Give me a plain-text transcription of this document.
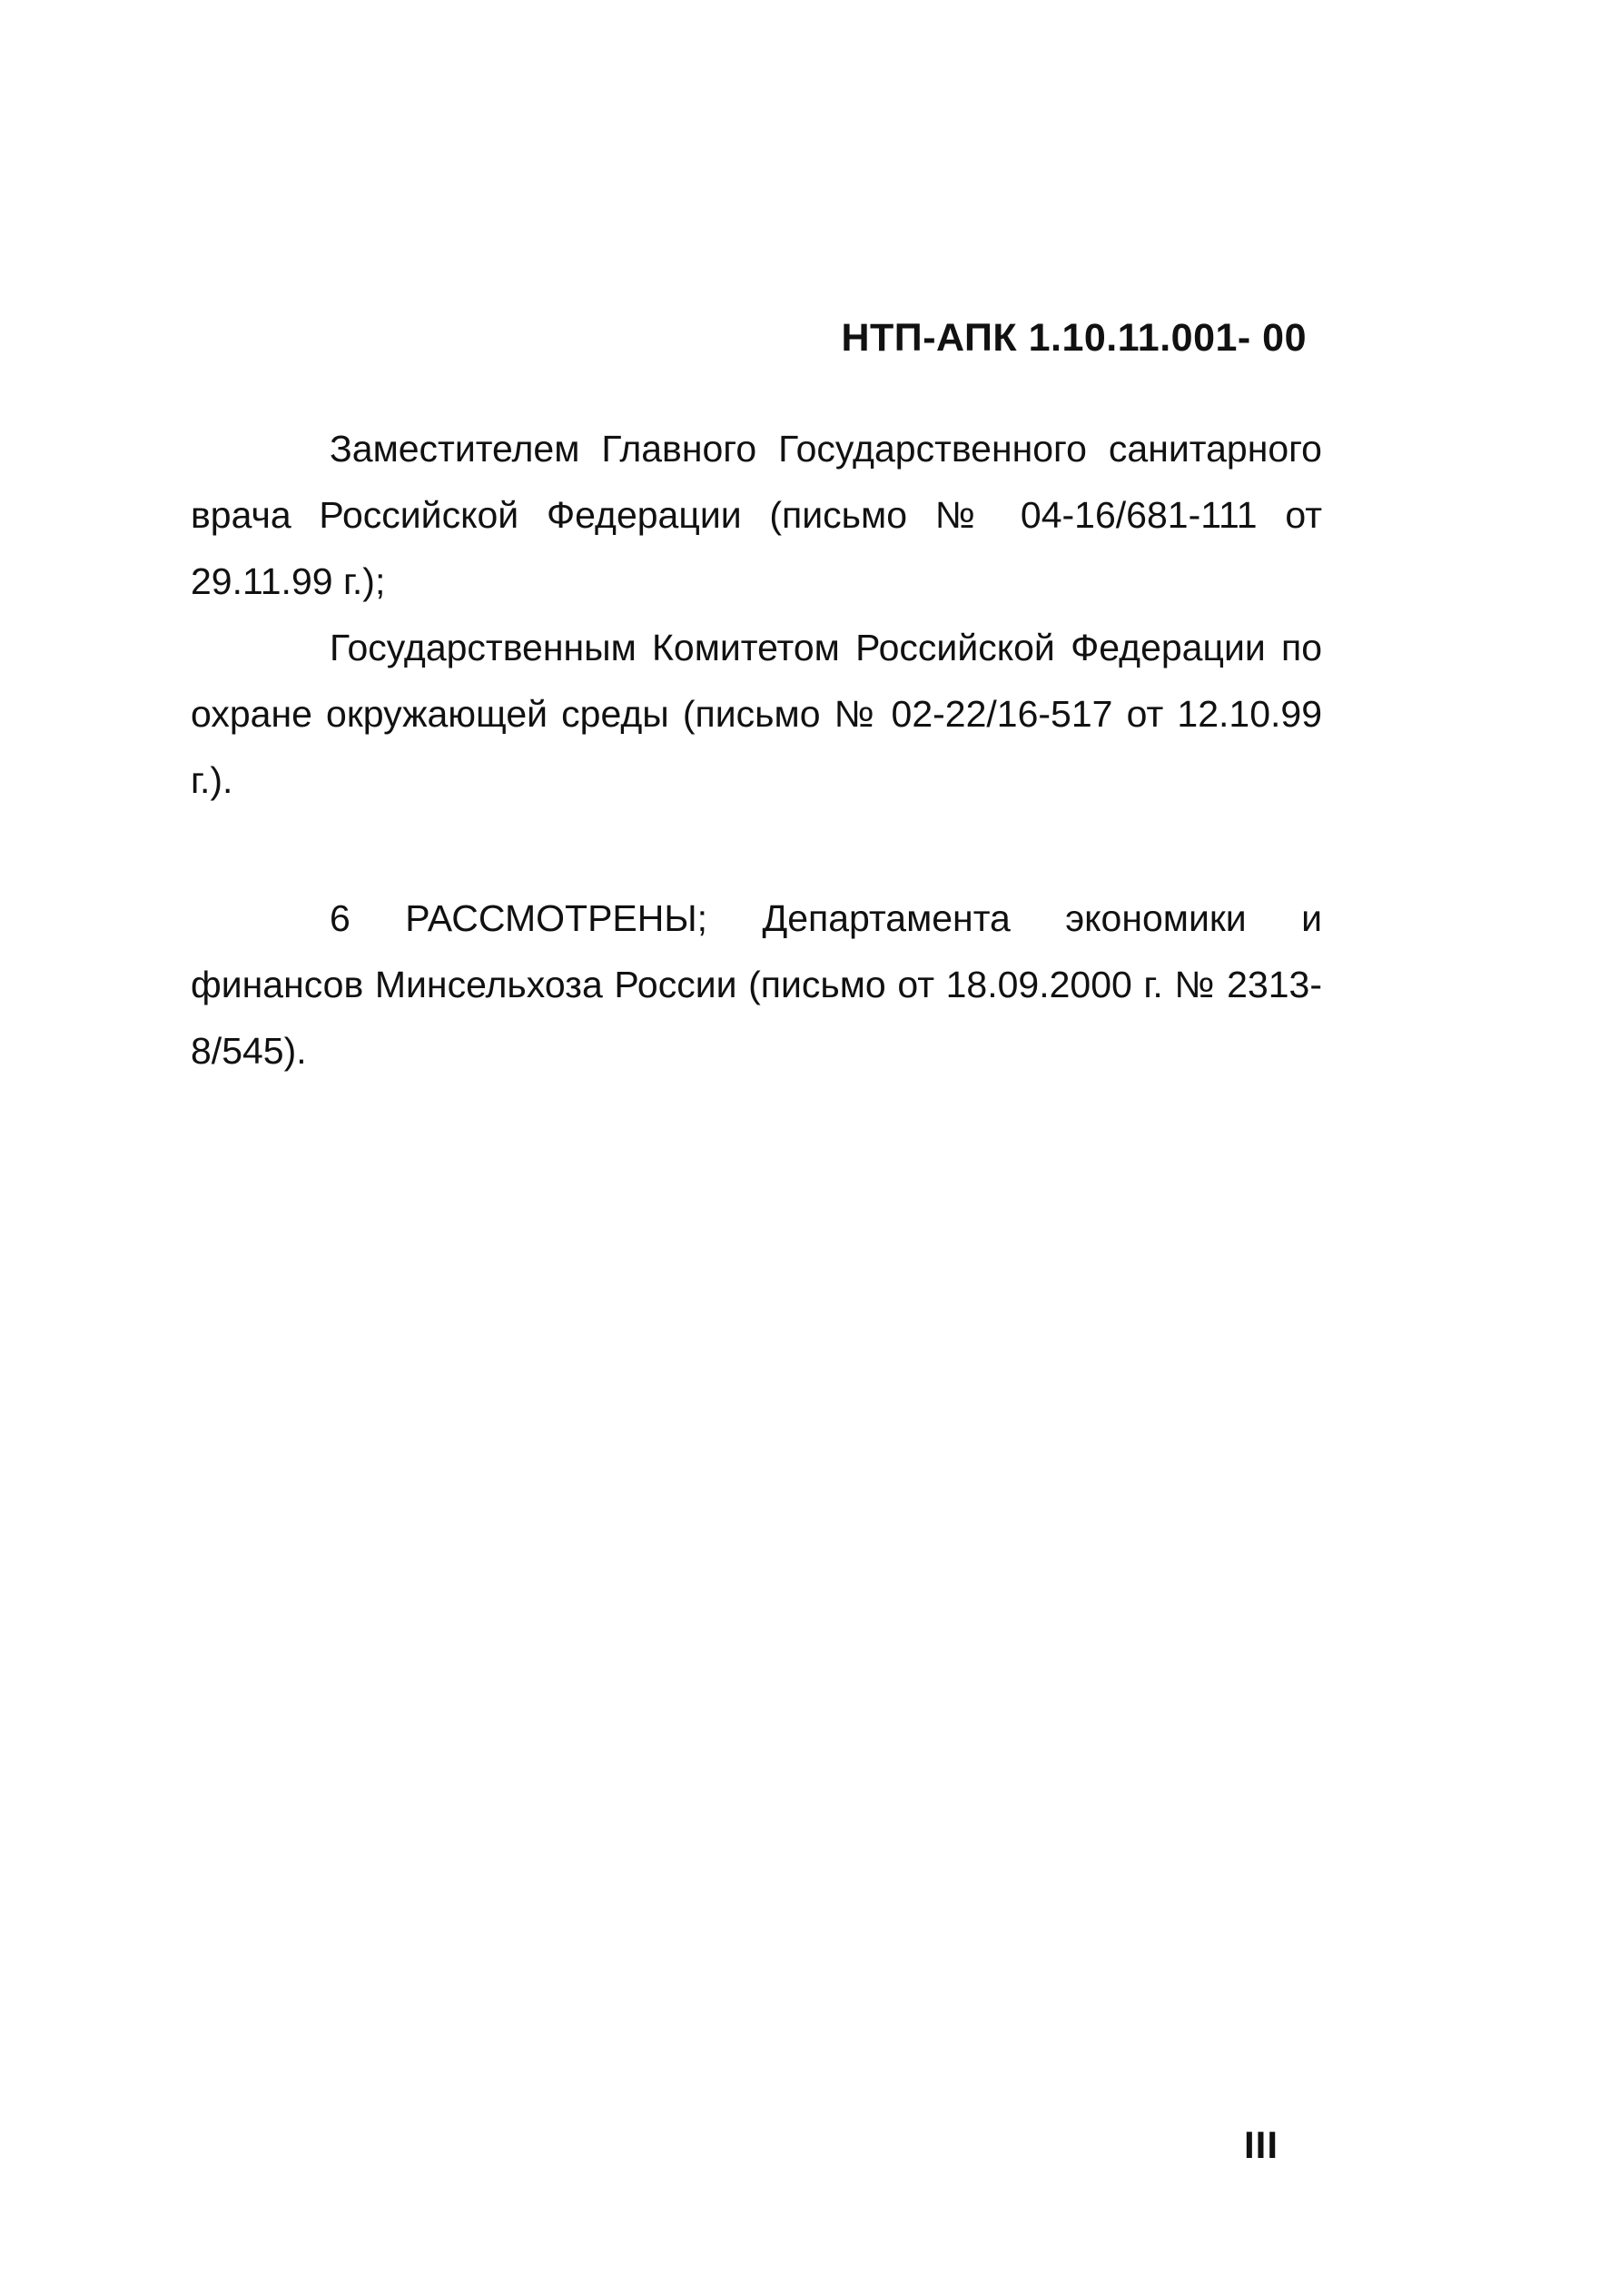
НТП-АПК 1.10.11.001- 00

Заместителем Главного Государственного санитарного врача Российской Федерации (письмо № 04-16/681-111 от 29.11.99 г.);

Государственным Комитетом Российской Федерации по охране окружающей среды (письмо № 02-22/16-517 от 12.10.99 г.).

6 РАССМОТРЕНЫ; Департамента экономики и финансов Минсельхоза России (письмо от 18.09.2000 г. № 2313-8/545).

III
